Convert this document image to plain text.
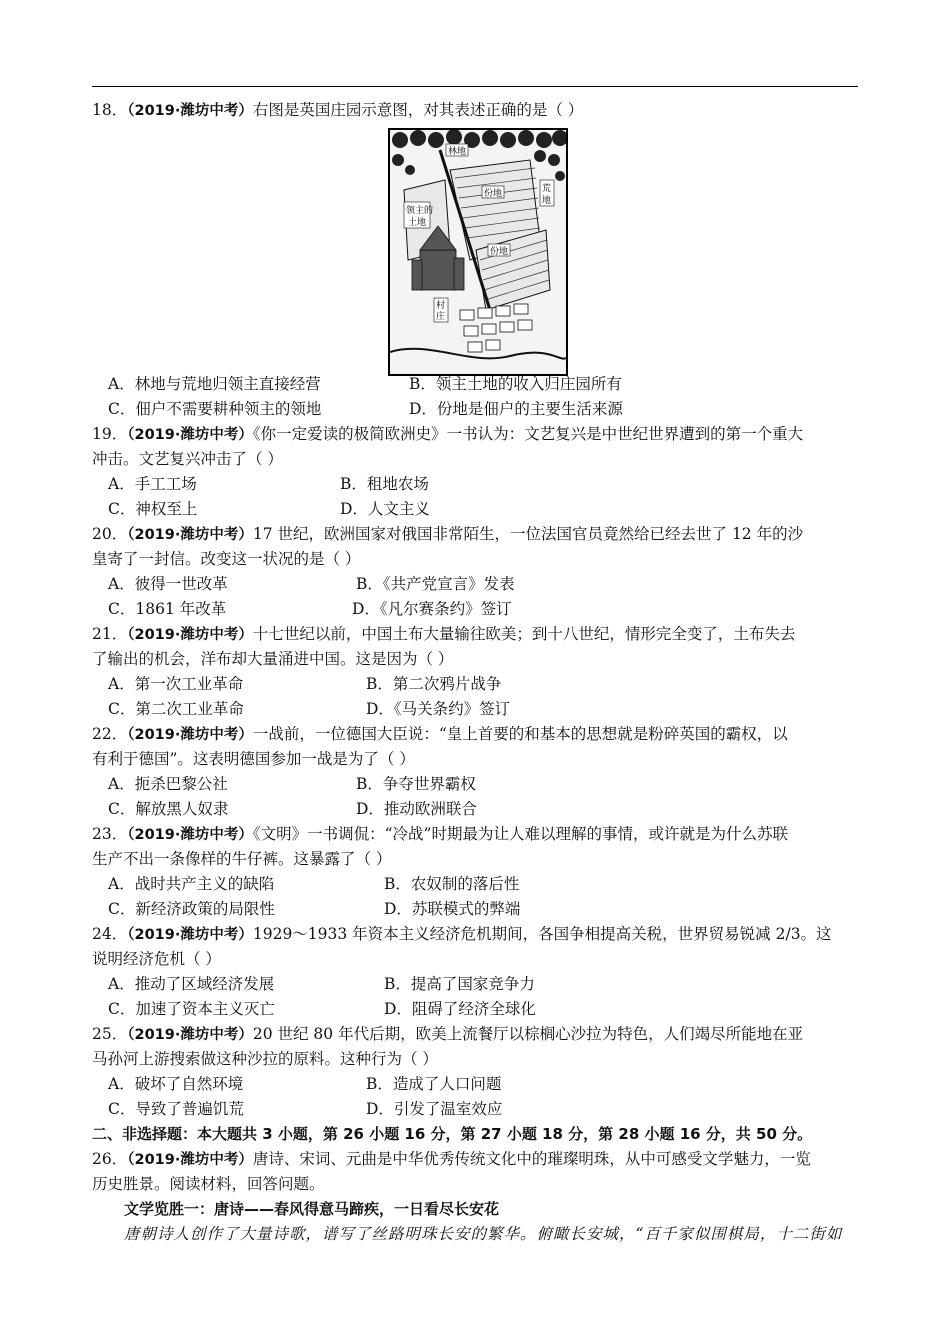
18．（2019·潍坊中考）右图是英国庄园示意图，对其表述正确的是（ ）
林地
份地
份地
领主的
土地
荒
地
村
庄
A．林地与荒地归领主直接经营	B．领主土地的收入归庄园所有
C．佃户不需要耕种领主的领地	D．份地是佃户的主要生活来源
19．（2019·潍坊中考）《你一定爱读的极简欧洲史》一书认为：文艺复兴是中世纪世界遭到的第一个重大
冲击。文艺复兴冲击了（ ）
A．手工工场	B．租地农场
C．神权至上	D．人文主义
20．（2019·潍坊中考）17 世纪，欧洲国家对俄国非常陌生，一位法国官员竟然给已经去世了 12 年的沙
皇寄了一封信。改变这一状况的是（ ）
A．彼得一世改革	B．《共产党宣言》发表
C．1861 年改革	D．《凡尔赛条约》签订
21．（2019·潍坊中考）十七世纪以前，中国土布大量输往欧美；到十八世纪，情形完全变了，土布失去
了输出的机会，洋布却大量涌进中国。这是因为（ ）
A．第一次工业革命	B．第二次鸦片战争
C．第二次工业革命	D．《马关条约》签订
22．（2019·潍坊中考）一战前，一位德国大臣说：“皇上首要的和基本的思想就是粉碎英国的霸权，以
有利于德国”。这表明德国参加一战是为了（ ）
A．扼杀巴黎公社	B．争夺世界霸权
C．解放黑人奴隶	D．推动欧洲联合
23．（2019·潍坊中考）《文明》一书调侃：“冷战”时期最为让人难以理解的事情，或许就是为什么苏联
生产不出一条像样的牛仔裤。这暴露了（ ）
A．战时共产主义的缺陷	B．农奴制的落后性
C．新经济政策的局限性	D．苏联模式的弊端
24．（2019·潍坊中考）1929～1933 年资本主义经济危机期间，各国争相提高关税，世界贸易锐减 2/3。这
说明经济危机（ ）
A．推动了区域经济发展	B．提高了国家竞争力
C．加速了资本主义灭亡	D．阻碍了经济全球化
25．（2019·潍坊中考）20 世纪 80 年代后期，欧美上流餐厅以棕榈心沙拉为特色，人们竭尽所能地在亚
马孙河上游搜索做这种沙拉的原料。这种行为（ ）
A．破坏了自然环境	B．造成了人口问题
C．导致了普遍饥荒	D．引发了温室效应
二、非选择题：本大题共 3 小题，第 26 小题 16 分，第 27 小题 18 分，第 28 小题 16 分，共 50 分。
26．（2019·潍坊中考）唐诗、宋词、元曲是中华优秀传统文化中的璀璨明珠，从中可感受文学魅力，一览
历史胜景。阅读材料，回答问题。
文学览胜一：唐诗——春风得意马蹄疾，一日看尽长安花
唐朝诗人创作了大量诗歌，谱写了丝路明珠长安的繁华。俯瞰长安城，“百千家似围棋局，十二街如
